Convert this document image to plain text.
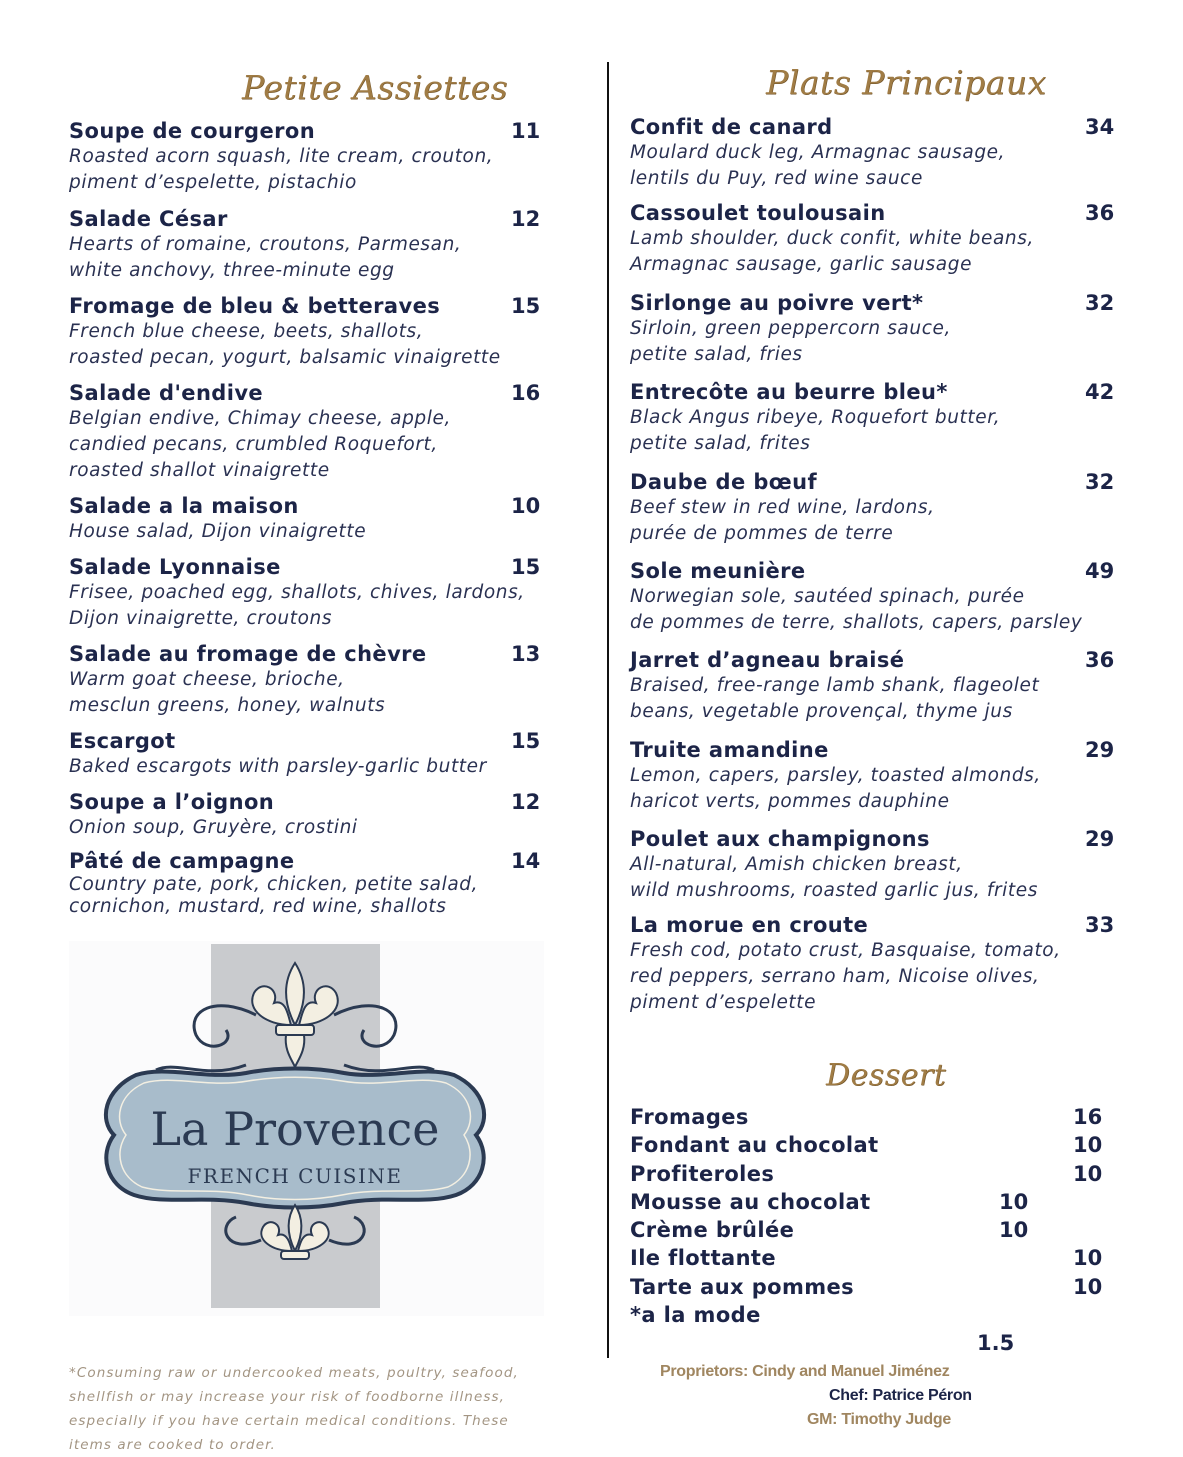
Petite Assiettes
Soupe de courgeron	11
Roasted acorn squash, lite cream, crouton,
piment d’espelette, pistachio
Salade César	12
Hearts of romaine, croutons, Parmesan,
white anchovy, three-minute egg
Fromage de bleu & betteraves	15
French blue cheese, beets, shallots,
roasted pecan, yogurt, balsamic vinaigrette
Salade d'endive	16
Belgian endive, Chimay cheese, apple,
candied pecans, crumbled Roquefort,
roasted shallot vinaigrette
Salade a la maison	10
House salad, Dijon vinaigrette
Salade Lyonnaise	15
Frisee, poached egg, shallots, chives, lardons,
Dijon vinaigrette, croutons
Salade au fromage de chèvre	13
Warm goat cheese, brioche,
mesclun greens, honey, walnuts
Escargot	15
Baked escargots with parsley-garlic butter
Soupe a l’oignon	12
Onion soup, Gruyère, crostini
Pâté de campagne	14
Country pate, pork, chicken, petite salad,
cornichon, mustard, red wine, shallots
La Provence
FRENCH CUISINE
Plats Principaux
Confit de canard	34
Moulard duck leg, Armagnac sausage,
lentils du Puy, red wine sauce
Cassoulet toulousain	36
Lamb shoulder, duck confit, white beans,
Armagnac sausage, garlic sausage
Sirlonge au poivre vert*	32
Sirloin, green peppercorn sauce,
petite salad, fries
Entrecôte au beurre bleu*	42
Black Angus ribeye, Roquefort butter,
petite salad, frites
Daube de bœuf	32
Beef stew in red wine, lardons,
purée de pommes de terre
Sole meunière	49
Norwegian sole, sautéed spinach, purée
de pommes de terre, shallots, capers, parsley
Jarret d’agneau braisé	36
Braised, free-range lamb shank, flageolet
beans, vegetable provençal, thyme jus
Truite amandine	29
Lemon, capers, parsley, toasted almonds,
haricot verts, pommes dauphine
Poulet aux champignons	29
All-natural, Amish chicken breast,
wild mushrooms, roasted garlic jus, frites
La morue en croute	33
Fresh cod, potato crust, Basquaise, tomato,
red peppers, serrano ham, Nicoise olives,
piment d’espelette
Dessert
Fromages	16
Fondant au chocolat	10
Profiteroles	10
Mousse au chocolat	10
Crème brûlée	10
Ile flottante	10
Tarte aux pommes	10
*a la mode
1.5
*Consuming raw or undercooked meats, poultry, seafood, shellfish or may increase your risk of foodborne illness, especially if you have certain medical conditions. These items are cooked to order.
Proprietors: Cindy and Manuel Jiménez
Chef: Patrice Péron
GM: Timothy Judge
